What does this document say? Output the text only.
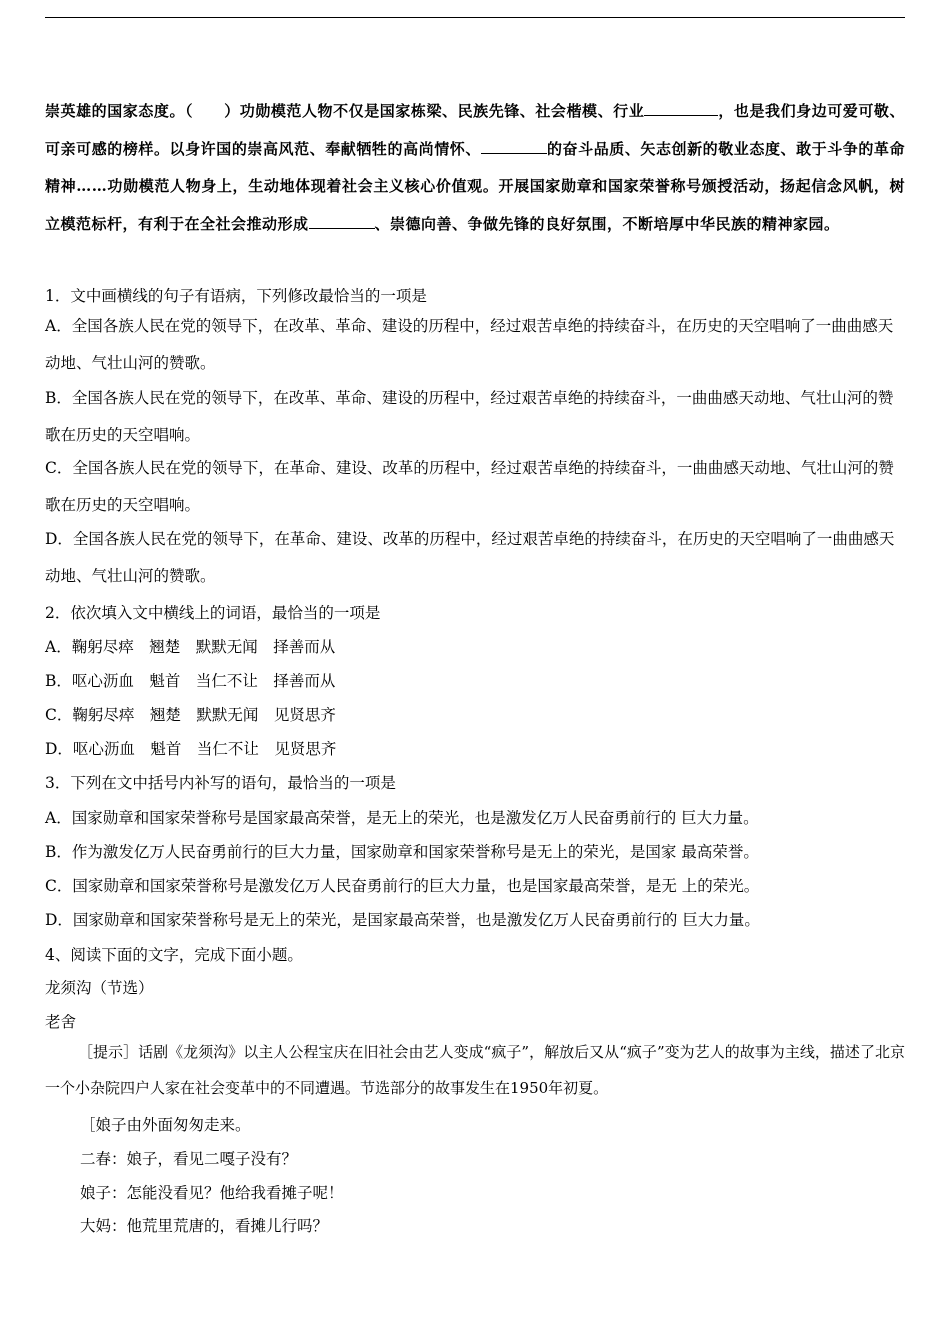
崇英雄的国家态度。（　　）功勋模范人物不仅是国家栋梁、民族先锋、社会楷模、行业	，也是我们身边可爱可敬、可亲可感的榜样。以身许国的崇高风范、奉献牺牲的高尚情怀、	的奋斗品质、矢志创新的敬业态度、敢于斗争的革命精神……功勋模范人物身上，生动地体现着社会主义核心价值观。开展国家勋章和国家荣誉称号颁授活动，扬起信念风帆，树立模范标杆，有利于在全社会推动形成	、崇德向善、争做先锋的良好氛围，不断培厚中华民族的精神家园。
1．文中画横线的句子有语病，下列修改最恰当的一项是
A．全国各族人民在党的领导下，在改革、革命、建设的历程中，经过艰苦卓绝的持续奋斗，在历史的天空唱响了一曲曲感天动地、气壮山河的赞歌。
B．全国各族人民在党的领导下，在改革、革命、建设的历程中，经过艰苦卓绝的持续奋斗，一曲曲感天动地、气壮山河的赞歌在历史的天空唱响。
C．全国各族人民在党的领导下，在革命、建设、改革的历程中，经过艰苦卓绝的持续奋斗，一曲曲感天动地、气壮山河的赞歌在历史的天空唱响。
D．全国各族人民在党的领导下，在革命、建设、改革的历程中，经过艰苦卓绝的持续奋斗，在历史的天空唱响了一曲曲感天动地、气壮山河的赞歌。
2．依次填入文中横线上的词语，最恰当的一项是
A．鞠躬尽瘁　翘楚　默默无闻　择善而从
B．呕心沥血　魁首　当仁不让　择善而从
C．鞠躬尽瘁　翘楚　默默无闻　见贤思齐
D．呕心沥血　魁首　当仁不让　见贤思齐
3．下列在文中括号内补写的语句，最恰当的一项是
A．国家勋章和国家荣誉称号是国家最高荣誉，是无上的荣光，也是激发亿万人民奋勇前行的 巨大力量。
B．作为激发亿万人民奋勇前行的巨大力量，国家勋章和国家荣誉称号是无上的荣光，是国家 最高荣誉。
C．国家勋章和国家荣誉称号是激发亿万人民奋勇前行的巨大力量，也是国家最高荣誉，是无 上的荣光。
D．国家勋章和国家荣誉称号是无上的荣光，是国家最高荣誉，也是激发亿万人民奋勇前行的 巨大力量。
4、阅读下面的文字，完成下面小题。
龙须沟（节选）
老舍
［提示］话剧《龙须沟》以主人公程宝庆在旧社会由艺人变成“疯子”，解放后又从“疯子”变为艺人的故事为主线，描述了北京一个小杂院四户人家在社会变革中的不同遭遇。节选部分的故事发生在1950年初夏。
［娘子由外面匆匆走来。
二春：娘子，看见二嘎子没有？
娘子：怎能没看见？他给我看摊子呢！
大妈：他荒里荒唐的，看摊儿行吗？
